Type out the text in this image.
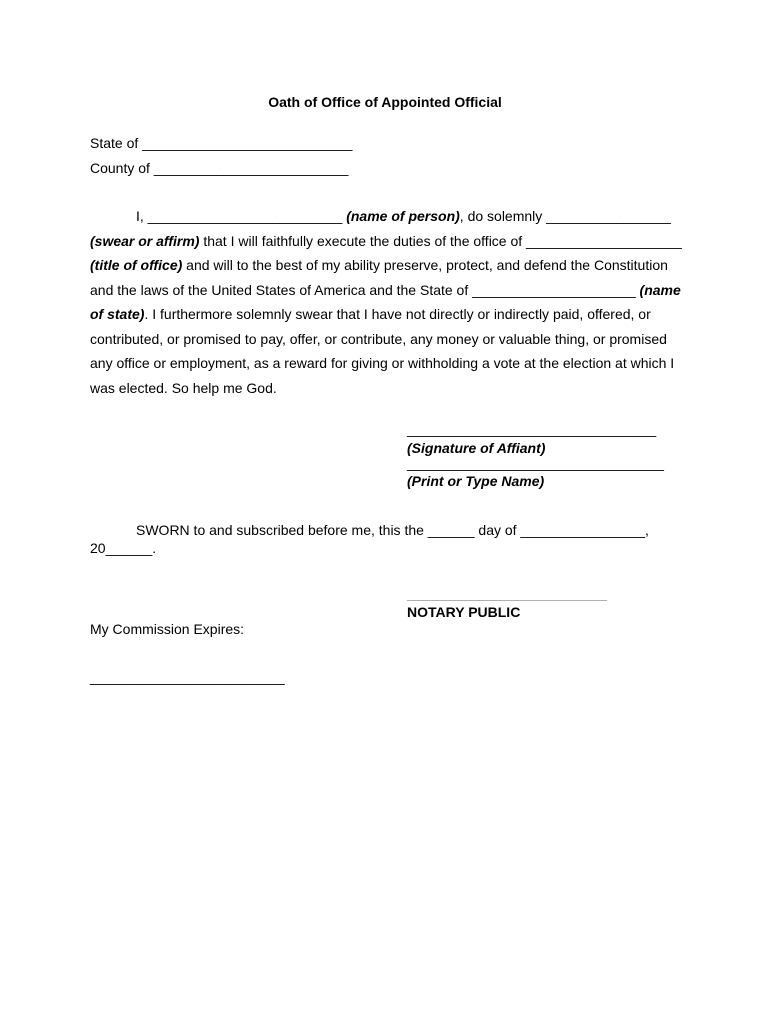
Oath of Office of Appointed Official
State of ___________________________
County of _________________________
I, _________________________ (name of person), do solemnly ________________
(swear or affirm) that I will faithfully execute the duties of the office of ____________________
(title of office) and will to the best of my ability preserve, protect, and defend the Constitution
and the laws of the United States of America and the State of _____________________ (name
of state). I furthermore solemnly swear that I have not directly or indirectly paid, offered, or
contributed, or promised to pay, offer, or contribute, any money or valuable thing, or promised
any office or employment, as a reward for giving or withholding a vote at the election at which I
was elected. So help me God.
________________________________
(Signature of Affiant)
_________________________________
(Print or Type Name)
SWORN to and subscribed before me, this the ______ day of ________________,
20______.
NOTARY PUBLIC
My Commission Expires:
_________________________
